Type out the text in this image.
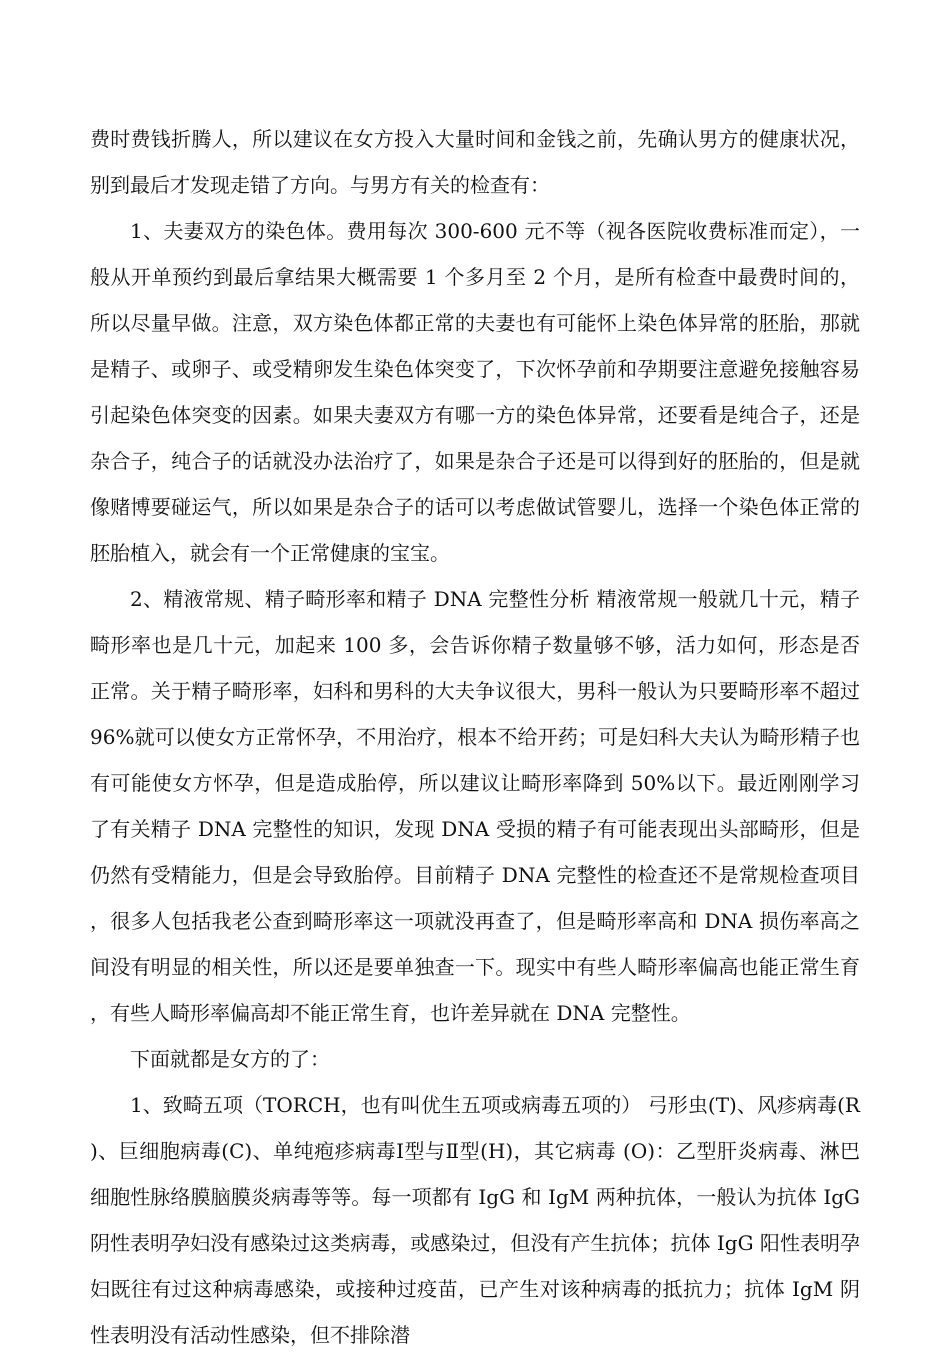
费时费钱折腾人，所以建议在女方投入大量时间和金钱之前，先确认男方的健康状况，别到最后才发现走错了方向。与男方有关的检查有：

1、夫妻双方的染色体。费用每次 300-600 元不等（视各医院收费标准而定），一般从开单预约到最后拿结果大概需要 1 个多月至 2 个月，是所有检查中最费时间的，所以尽量早做。注意，双方染色体都正常的夫妻也有可能怀上染色体异常的胚胎，那就是精子、或卵子、或受精卵发生染色体突变了，下次怀孕前和孕期要注意避免接触容易引起染色体突变的因素。如果夫妻双方有哪一方的染色体异常，还要看是纯合子，还是杂合子，纯合子的话就没办法治疗了，如果是杂合子还是可以得到好的胚胎的，但是就像赌博要碰运气，所以如果是杂合子的话可以考虑做试管婴儿，选择一个染色体正常的胚胎植入，就会有一个正常健康的宝宝。

2、精液常规、精子畸形率和精子 DNA 完整性分析 精液常规一般就几十元，精子畸形率也是几十元，加起来 100 多，会告诉你精子数量够不够，活力如何，形态是否正常。关于精子畸形率，妇科和男科的大夫争议很大，男科一般认为只要畸形率不超过 96%就可以使女方正常怀孕，不用治疗，根本不给开药；可是妇科大夫认为畸形精子也有可能使女方怀孕，但是造成胎停，所以建议让畸形率降到 50%以下。最近刚刚学习了有关精子 DNA 完整性的知识，发现 DNA 受损的精子有可能表现出头部畸形，但是仍然有受精能力，但是会导致胎停。目前精子 DNA 完整性的检查还不是常规检查项目，很多人包括我老公查到畸形率这一项就没再查了，但是畸形率高和 DNA 损伤率高之间没有明显的相关性，所以还是要单独查一下。现实中有些人畸形率偏高也能正常生育，有些人畸形率偏高却不能正常生育，也许差异就在 DNA 完整性。

下面就都是女方的了：

1、致畸五项（TORCH，也有叫优生五项或病毒五项的） 弓形虫(T)、风疹病毒(R)、巨细胞病毒(C)、单纯疱疹病毒Ⅰ型与Ⅱ型(H)，其它病毒 (O)：乙型肝炎病毒、淋巴细胞性脉络膜脑膜炎病毒等等。每一项都有 IgG 和 IgM 两种抗体，一般认为抗体 IgG 阴性表明孕妇没有感染过这类病毒，或感染过，但没有产生抗体；抗体 IgG 阳性表明孕妇既往有过这种病毒感染，或接种过疫苗，已产生对该种病毒的抵抗力；抗体 IgM 阴性表明没有活动性感染，但不排除潜
